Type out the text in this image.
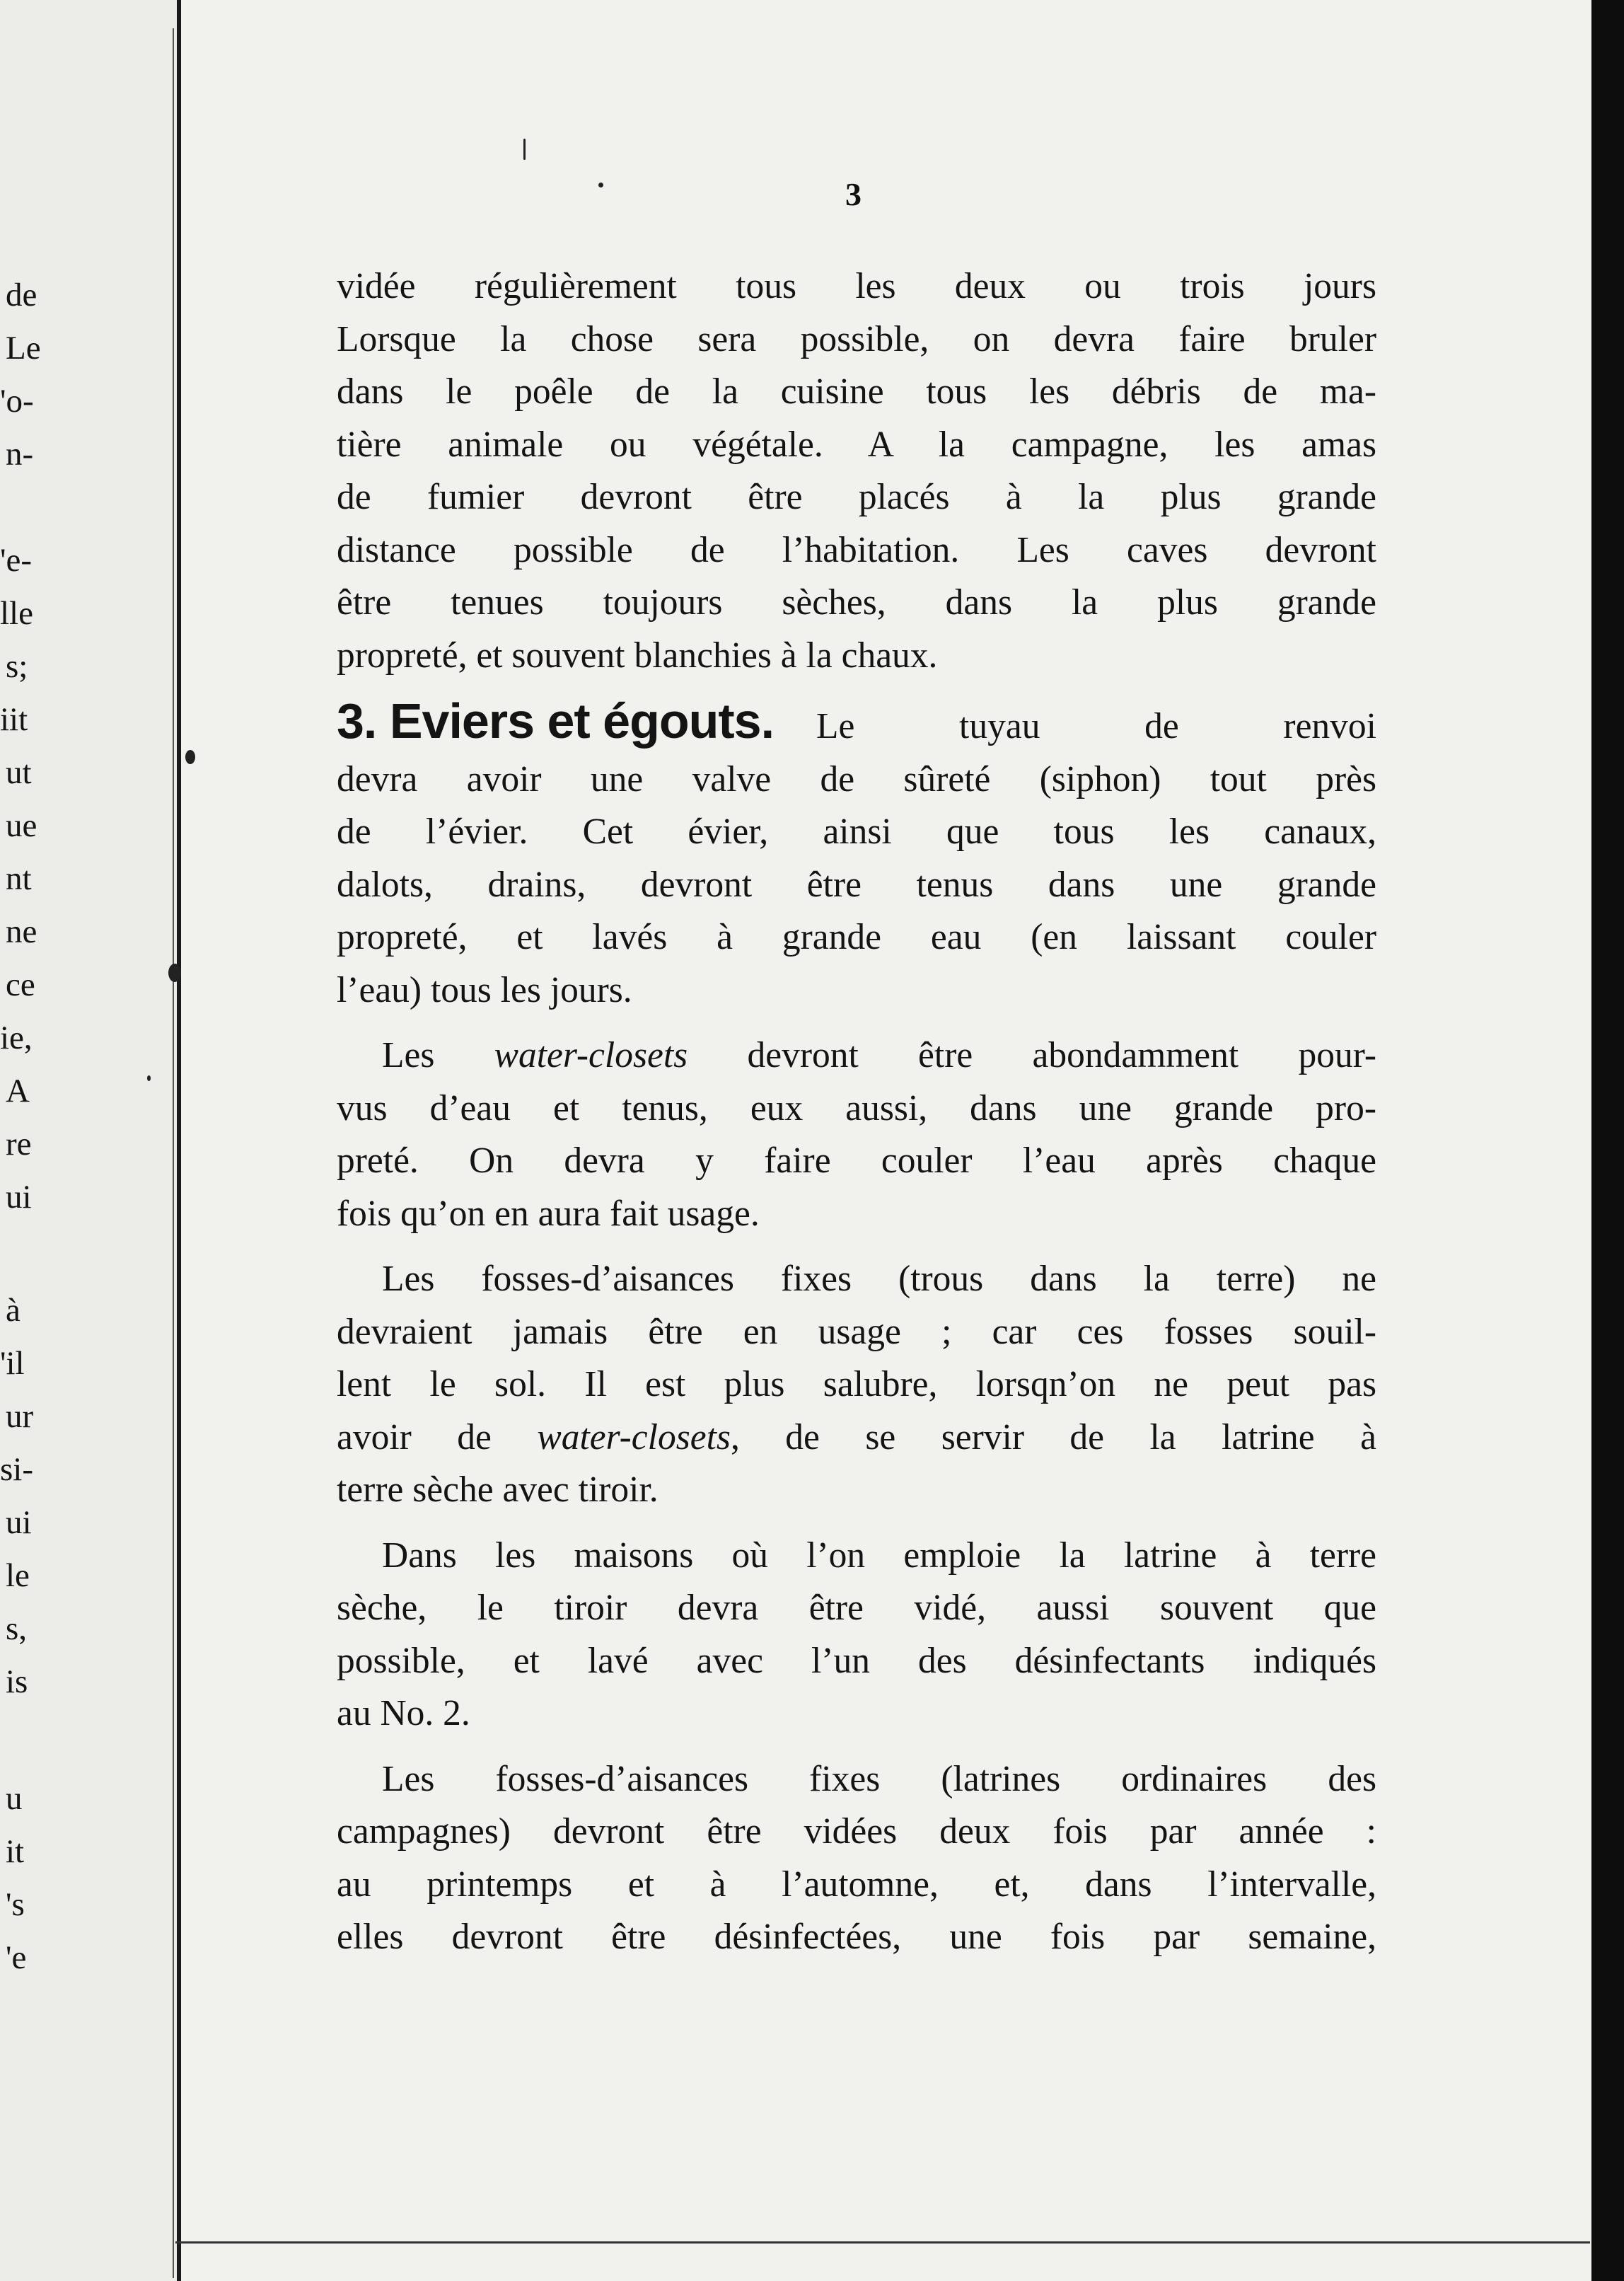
de
Le
'o-
n-
'e-
lle
s;
iit
ut
ue
nt
ne
ce
ie,
A
re
ui
à
'il
ur
si-
ui
le
s,
is
u
it
's
'e
3

vidée régulièrement tous les deux ou trois jours
Lorsque la chose sera possible, on devra faire bruler
dans le poêle de la cuisine tous les débris de ma-
tière animale ou végétale. A la campagne, les amas
de fumier devront être placés à la plus grande
distance possible de l’habitation. Les caves devront
être tenues toujours sèches, dans la plus grande
propreté, et souvent blanchies à la chaux.

3. Eviers et égouts. Le tuyau de renvoi

devra avoir une valve de sûreté (siphon) tout près
de l’évier. Cet évier, ainsi que tous les canaux,
dalots, drains, devront être tenus dans une grande
propreté, et lavés à grande eau (en laissant couler
l’eau) tous les jours.

Les water-closets devront être abondamment pour-
vus d’eau et tenus, eux aussi, dans une grande pro-
preté. On devra y faire couler l’eau après chaque
fois qu’on en aura fait usage.

Les fosses-d’aisances fixes (trous dans la terre) ne
devraient jamais être en usage ; car ces fosses souil-
lent le sol. Il est plus salubre, lorsqn’on ne peut pas
avoir de water-closets, de se servir de la latrine à
terre sèche avec tiroir.

Dans les maisons où l’on emploie la latrine à terre
sèche, le tiroir devra être vidé, aussi souvent que
possible, et lavé avec l’un des désinfectants indiqués
au No. 2.

Les fosses-d’aisances fixes (latrines ordinaires des
campagnes) devront être vidées deux fois par année :
au printemps et à l’automne, et, dans l’intervalle,
elles devront être désinfectées, une fois par semaine,
